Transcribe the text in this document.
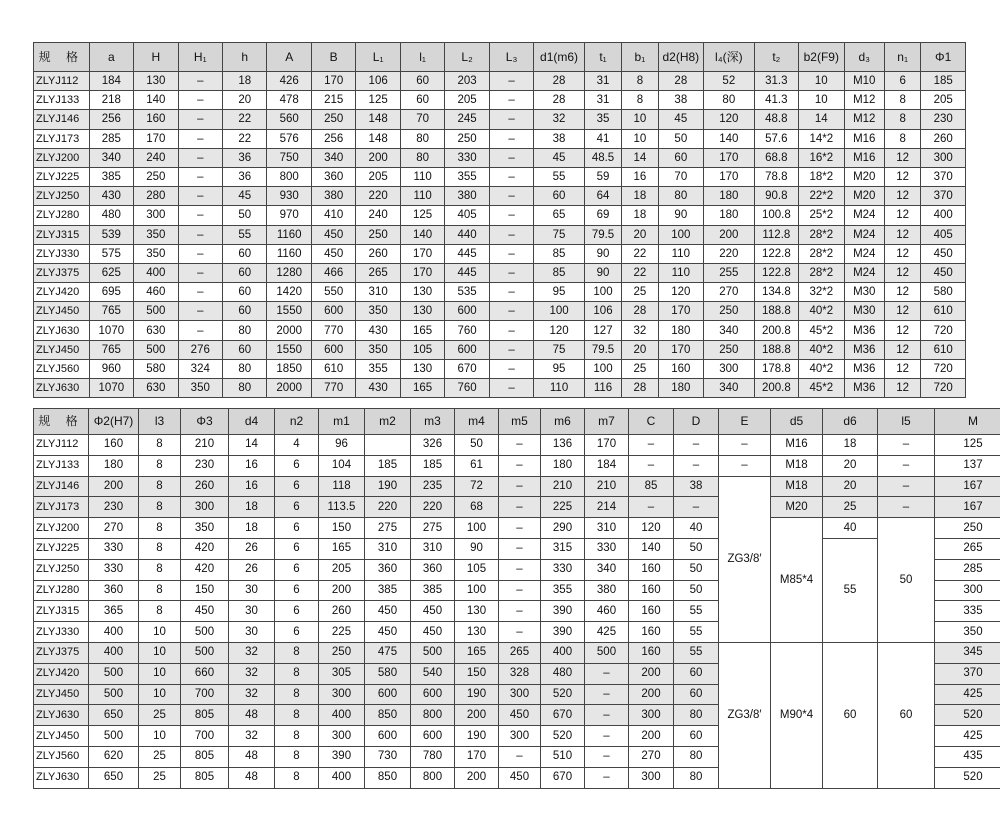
规 格	a	H	H₁	h	A	B	L₁	l₁	L₂	L₃	d1(m6)	t₁	b₁	d2(H8)	l₄(深)	t₂	b2(F9)	d₃	n₁	Φ1
ZLYJ112	184	130	–	18	426	170	106	60	203	–	28	31	8	28	52	31.3	10	M10	6	185
ZLYJ133	218	140	–	20	478	215	125	60	205	–	28	31	8	38	80	41.3	10	M12	8	205
ZLYJ146	256	160	–	22	560	250	148	70	245	–	32	35	10	45	120	48.8	14	M12	8	230
ZLYJ173	285	170	–	22	576	256	148	80	250	–	38	41	10	50	140	57.6	14*2	M16	8	260
ZLYJ200	340	240	–	36	750	340	200	80	330	–	45	48.5	14	60	170	68.8	16*2	M16	12	300
ZLYJ225	385	250	–	36	800	360	205	110	355	–	55	59	16	70	170	78.8	18*2	M20	12	370
ZLYJ250	430	280	–	45	930	380	220	110	380	–	60	64	18	80	180	90.8	22*2	M20	12	370
ZLYJ280	480	300	–	50	970	410	240	125	405	–	65	69	18	90	180	100.8	25*2	M24	12	400
ZLYJ315	539	350	–	55	1160	450	250	140	440	–	75	79.5	20	100	200	112.8	28*2	M24	12	405
ZLYJ330	575	350	–	60	1160	450	260	170	445	–	85	90	22	110	220	122.8	28*2	M24	12	450
ZLYJ375	625	400	–	60	1280	466	265	170	445	–	85	90	22	110	255	122.8	28*2	M24	12	450
ZLYJ420	695	460	–	60	1420	550	310	130	535	–	95	100	25	120	270	134.8	32*2	M30	12	580
ZLYJ450	765	500	–	60	1550	600	350	130	600	–	100	106	28	170	250	188.8	40*2	M30	12	610
ZLYJ630	1070	630	–	80	2000	770	430	165	760	–	120	127	32	180	340	200.8	45*2	M36	12	720
ZLYJ450	765	500	276	60	1550	600	350	105	600	–	75	79.5	20	170	250	188.8	40*2	M36	12	610
ZLYJ560	960	580	324	80	1850	610	355	130	670	–	95	100	25	160	300	178.8	40*2	M36	12	720
ZLYJ630	1070	630	350	80	2000	770	430	165	760	–	110	116	28	180	340	200.8	45*2	M36	12	720
规 格	Φ2(H7)	l3	Φ3	d4	n2	m1	m2	m3	m4	m5	m6	m7	C	D	E	d5	d6	l5	M
ZLYJ112	160	8	210	14	4	96		326	50	–	136	170	–	–	–	M16	18	–	125
ZLYJ133	180	8	230	16	6	104	185	185	61	–	180	184	–	–	–	M18	20	–	137
ZLYJ146	200	8	260	16	6	118	190	235	72	–	210	210	85	38	ZG3/8′	M18	20	–	167
ZLYJ173	230	8	300	18	6	113.5	220	220	68	–	225	214	–	–		M20	25	–	167
ZLYJ200	270	8	350	18	6	150	275	275	100	–	290	310	120	40		M85*4	40	50	250
ZLYJ225	330	8	420	26	6	165	310	310	90	–	315	330	140	50			55		265
ZLYJ250	330	8	420	26	6	205	360	360	105	–	330	340	160	50					285
ZLYJ280	360	8	150	30	6	200	385	385	100	–	355	380	160	50					300
ZLYJ315	365	8	450	30	6	260	450	450	130	–	390	460	160	55					335
ZLYJ330	400	10	500	30	6	225	450	450	130	–	390	425	160	55					350
ZLYJ375	400	10	500	32	8	250	475	500	165	265	400	500	160	55	ZG3/8′	M90*4	60	60	345
ZLYJ420	500	10	660	32	8	305	580	540	150	328	480	–	200	60					370
ZLYJ450	500	10	700	32	8	300	600	600	190	300	520	–	200	60					425
ZLYJ630	650	25	805	48	8	400	850	800	200	450	670	–	300	80					520
ZLYJ450	500	10	700	32	8	300	600	600	190	300	520	–	200	60					425
ZLYJ560	620	25	805	48	8	390	730	780	170	–	510	–	270	80					435
ZLYJ630	650	25	805	48	8	400	850	800	200	450	670	–	300	80					520
